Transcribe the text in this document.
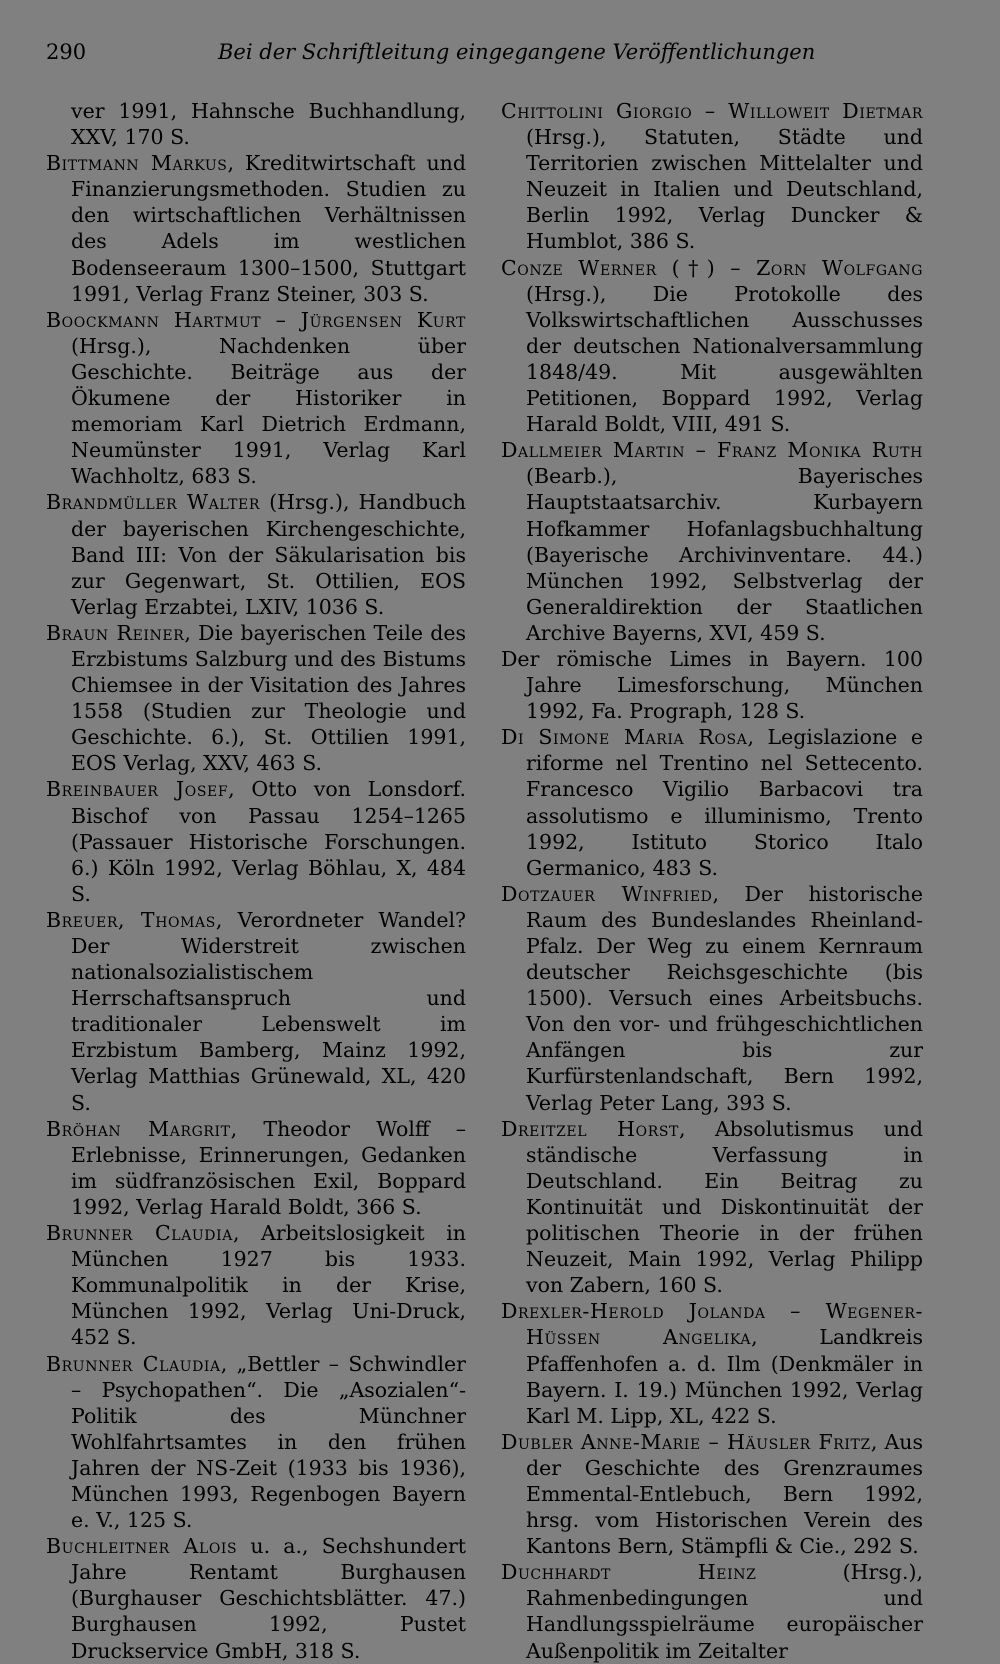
290	Bei der Schriftleitung eingegangene Veröffentlichungen

ver 1991, Hahnsche Buchhandlung, XXV, 170 S.

Bittmann Markus, Kreditwirtschaft und Finanzierungsmethoden. Studien zu den wirtschaftlichen Verhältnissen des Adels im westlichen Bodenseeraum 1300–1500, Stuttgart 1991, Verlag Franz Steiner, 303 S.

Boockmann Hartmut – Jürgensen Kurt (Hrsg.), Nachdenken über Geschichte. Beiträge aus der Ökumene der Historiker in memoriam Karl Dietrich Erdmann, Neumünster 1991, Verlag Karl Wachholtz, 683 S.

Brandmüller Walter (Hrsg.), Handbuch der bayerischen Kirchengeschichte, Band III: Von der Säkularisation bis zur Gegenwart, St. Ottilien, EOS Verlag Erzabtei, LXIV, 1036 S.

Braun Reiner, Die bayerischen Teile des Erzbistums Salzburg und des Bistums Chiemsee in der Visitation des Jahres 1558 (Studien zur Theologie und Geschichte. 6.), St. Ottilien 1991, EOS Verlag, XXV, 463 S.

Breinbauer Josef, Otto von Lonsdorf. Bischof von Passau 1254–1265 (Passauer Historische Forschungen. 6.) Köln 1992, Verlag Böhlau, X, 484 S.

Breuer, Thomas, Verordneter Wandel? Der Widerstreit zwischen nationalsozialistischem Herrschaftsanspruch und traditionaler Lebenswelt im Erzbistum Bamberg, Mainz 1992, Verlag Matthias Grünewald, XL, 420 S.

Bröhan Margrit, Theodor Wolff – Erlebnisse, Erinnerungen, Gedanken im südfranzösischen Exil, Boppard 1992, Verlag Harald Boldt, 366 S.

Brunner Claudia, Arbeitslosigkeit in München 1927 bis 1933. Kommunalpolitik in der Krise, München 1992, Verlag Uni-Druck, 452 S.

Brunner Claudia, „Bettler – Schwindler – Psychopathen“. Die „Asozialen“-Politik des Münchner Wohlfahrtsamtes in den frühen Jahren der NS-Zeit (1933 bis 1936), München 1993, Regenbogen Bayern e. V., 125 S.

Buchleitner Alois u. a., Sechshundert Jahre Rentamt Burghausen (Burghauser Geschichtsblätter. 47.) Burghausen 1992, Pustet Druckservice GmbH, 318 S.

Chittolini Giorgio – Willoweit Dietmar (Hrsg.), Statuten, Städte und Territorien zwischen Mittelalter und Neuzeit in Italien und Deutschland, Berlin 1992, Verlag Duncker & Humblot, 386 S.

Conze Werner (†) – Zorn Wolfgang (Hrsg.), Die Protokolle des Volkswirtschaftlichen Ausschusses der deutschen Nationalversammlung 1848/49. Mit ausgewählten Petitionen, Boppard 1992, Verlag Harald Boldt, VIII, 491 S.

Dallmeier Martin – Franz Monika Ruth (Bearb.), Bayerisches Hauptstaatsarchiv. Kurbayern Hofkammer Hofanlagsbuchhaltung (Bayerische Archivinventare. 44.) München 1992, Selbstverlag der Generaldirektion der Staatlichen Archive Bayerns, XVI, 459 S.

Der römische Limes in Bayern. 100 Jahre Limesforschung, München 1992, Fa. Prograph, 128 S.

Di Simone Maria Rosa, Legislazione e riforme nel Trentino nel Settecento. Francesco Vigilio Barbacovi tra assolutismo e illuminismo, Trento 1992, Istituto Storico Italo Germanico, 483 S.

Dotzauer Winfried, Der historische Raum des Bundeslandes Rheinland-Pfalz. Der Weg zu einem Kernraum deutscher Reichsgeschichte (bis 1500). Versuch eines Arbeitsbuchs. Von den vor- und frühgeschichtlichen Anfängen bis zur Kurfürstenlandschaft, Bern 1992, Verlag Peter Lang, 393 S.

Dreitzel Horst, Absolutismus und ständische Verfassung in Deutschland. Ein Beitrag zu Kontinuität und Diskontinuität der politischen Theorie in der frühen Neuzeit, Main 1992, Verlag Philipp von Zabern, 160 S.

Drexler-Herold Jolanda – Wegener-Hüssen Angelika, Landkreis Pfaffenhofen a. d. Ilm (Denkmäler in Bayern. I. 19.) München 1992, Verlag Karl M. Lipp, XL, 422 S.

Dubler Anne-Marie – Häusler Fritz, Aus der Geschichte des Grenzraumes Emmental-Entlebuch, Bern 1992, hrsg. vom Historischen Verein des Kantons Bern, Stämpfli & Cie., 292 S.

Duchhardt Heinz (Hrsg.), Rahmenbedingungen und Handlungsspielräume europäischer Außenpolitik im Zeitalter
